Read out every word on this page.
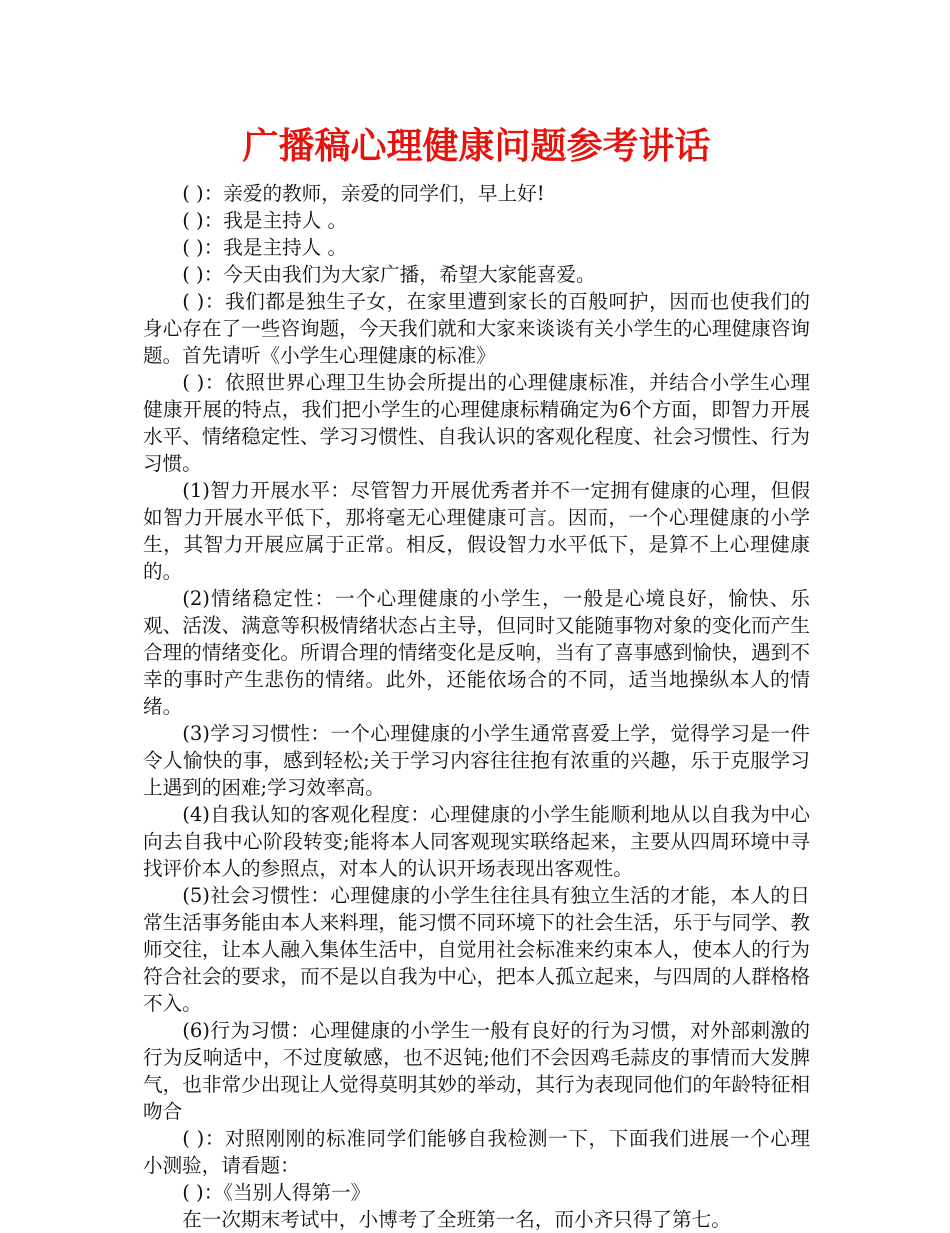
广播稿心理健康问题参考讲话

( )：亲爱的教师，亲爱的同学们，早上好!

( )：我是主持人 。

( )：我是主持人 。

( )：今天由我们为大家广播，希望大家能喜爱。

( )：我们都是独生子女，在家里遭到家长的百般呵护，因而也使我们的身心存在了一些咨询题，今天我们就和大家来谈谈有关小学生的心理健康咨询题。首先请听《小学生心理健康的标准》

( )：依照世界心理卫生协会所提出的心理健康标准，并结合小学生心理健康开展的特点，我们把小学生的心理健康标精确定为6个方面，即智力开展水平、情绪稳定性、学习习惯性、自我认识的客观化程度、社会习惯性、行为习惯。

(1)智力开展水平：尽管智力开展优秀者并不一定拥有健康的心理，但假如智力开展水平低下，那将毫无心理健康可言。因而，一个心理健康的小学生，其智力开展应属于正常。相反，假设智力水平低下，是算不上心理健康的。

(2)情绪稳定性：一个心理健康的小学生，一般是心境良好，愉快、乐观、活泼、满意等积极情绪状态占主导，但同时又能随事物对象的变化而产生合理的情绪变化。所谓合理的情绪变化是反响，当有了喜事感到愉快，遇到不幸的事时产生悲伤的情绪。此外，还能依场合的不同，适当地操纵本人的情绪。

(3)学习习惯性：一个心理健康的小学生通常喜爱上学，觉得学习是一件令人愉快的事，感到轻松;关于学习内容往往抱有浓重的兴趣，乐于克服学习上遇到的困难;学习效率高。

(4)自我认知的客观化程度：心理健康的小学生能顺利地从以自我为中心向去自我中心阶段转变;能将本人同客观现实联络起来，主要从四周环境中寻找评价本人的参照点，对本人的认识开场表现出客观性。

(5)社会习惯性：心理健康的小学生往往具有独立生活的才能，本人的日常生活事务能由本人来料理，能习惯不同环境下的社会生活，乐于与同学、教师交往，让本人融入集体生活中，自觉用社会标准来约束本人，使本人的行为符合社会的要求，而不是以自我为中心，把本人孤立起来，与四周的人群格格不入。

(6)行为习惯：心理健康的小学生一般有良好的行为习惯，对外部刺激的行为反响适中，不过度敏感，也不迟钝;他们不会因鸡毛蒜皮的事情而大发脾气，也非常少出现让人觉得莫明其妙的举动，其行为表现同他们的年龄特征相吻合

( )：对照刚刚的标准同学们能够自我检测一下，下面我们进展一个心理小测验，请看题：

( )：《当别人得第一》

在一次期末考试中，小博考了全班第一名，而小齐只得了第七。
